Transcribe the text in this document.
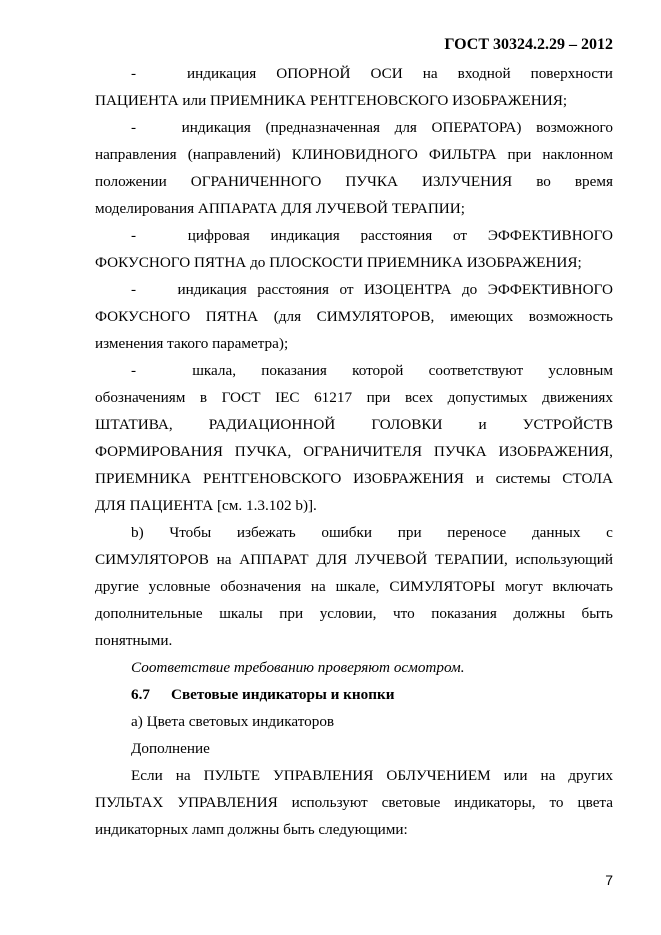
ГОСТ 30324.2.29 – 2012
-	индикация ОПОРНОЙ ОСИ на входной поверхности
ПАЦИЕНТА или ПРИЕМНИКА РЕНТГЕНОВСКОГО ИЗОБРАЖЕНИЯ;
-	индикация (предназначенная для ОПЕРАТОРА) возможного
направления (направлений) КЛИНОВИДНОГО ФИЛЬТРА при наклонном
положении ОГРАНИЧЕННОГО ПУЧКА ИЗЛУЧЕНИЯ во время
моделирования АППАРАТА ДЛЯ ЛУЧЕВОЙ ТЕРАПИИ;
-	цифровая индикация расстояния от ЭФФЕКТИВНОГО
ФОКУСНОГО ПЯТНА до ПЛОСКОСТИ ПРИЕМНИКА ИЗОБРАЖЕНИЯ;
-	индикация расстояния от ИЗОЦЕНТРА до ЭФФЕКТИВНОГО
ФОКУСНОГО ПЯТНА (для СИМУЛЯТОРОВ, имеющих возможность
изменения такого параметра);
-	шкала, показания которой соответствуют условным
обозначениям в ГОСТ IEC 61217 при всех допустимых движениях
ШТАТИВА, РАДИАЦИОННОЙ ГОЛОВКИ и УСТРОЙСТВ
ФОРМИРОВАНИЯ ПУЧКА, ОГРАНИЧИТЕЛЯ ПУЧКА ИЗОБРАЖЕНИЯ,
ПРИЕМНИКА РЕНТГЕНОВСКОГО ИЗОБРАЖЕНИЯ и системы СТОЛА
ДЛЯ ПАЦИЕНТА [см. 1.3.102 b)].
b) Чтобы избежать ошибки при переносе данных с
СИМУЛЯТОРОВ на АППАРАТ ДЛЯ ЛУЧЕВОЙ ТЕРАПИИ, использующий
другие условные обозначения на шкале, СИМУЛЯТОРЫ могут включать
дополнительные шкалы при условии, что показания должны быть
понятными.
Соответствие требованию проверяют осмотром.
6.7 Световые индикаторы и кнопки
а) Цвета световых индикаторов
Дополнение
Если на ПУЛЬТЕ УПРАВЛЕНИЯ ОБЛУЧЕНИЕМ или на других
ПУЛЬТАХ УПРАВЛЕНИЯ используют световые индикаторы, то цвета
индикаторных ламп должны быть следующими:
7
